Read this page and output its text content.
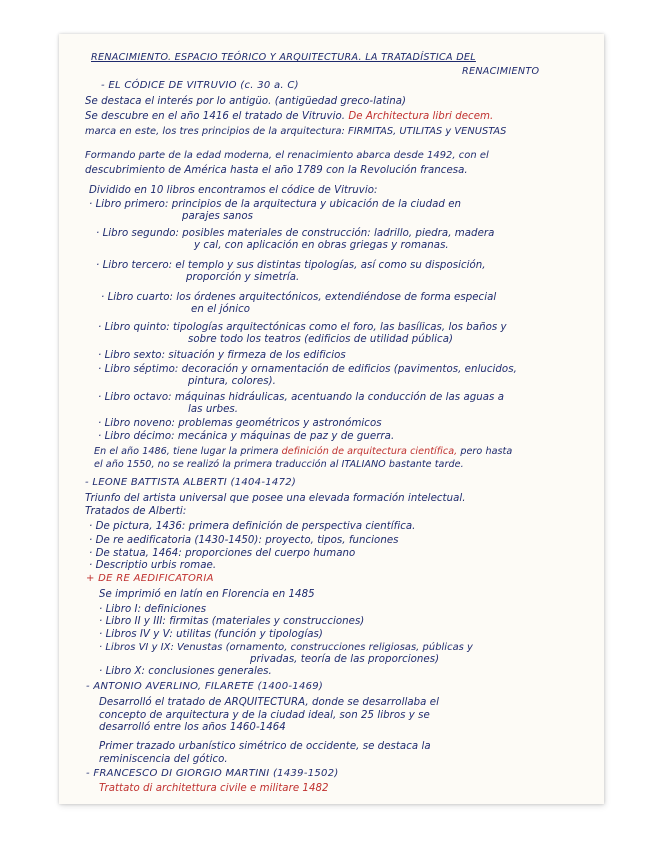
RENACIMIENTO. ESPACIO TEÓRICO Y ARQUITECTURA. LA TRATADÍSTICA DEL
RENACIMIENTO
- EL CÓDICE DE VITRUVIO (c. 30 a. C)
Se destaca el interés por lo antigüo. (antigüedad greco-latina)
Se descubre en el año 1416 el tratado de Vitruvio. De Architectura libri decem.
marca en este, los tres principios de la arquitectura: FIRMITAS, UTILITAS y VENUSTAS
Formando parte de la edad moderna, el renacimiento abarca desde 1492, con el
descubrimiento de América hasta el año 1789 con la Revolución francesa.
Dividido en 10 libros encontramos el códice de Vitruvio:
· Libro primero: principios de la arquitectura y ubicación de la ciudad en
parajes sanos
· Libro segundo: posibles materiales de construcción: ladrillo, piedra, madera
y cal, con aplicación en obras griegas y romanas.
· Libro tercero: el templo y sus distintas tipologías, así como su disposición,
proporción y simetría.
· Libro cuarto: los órdenes arquitectónicos, extendiéndose de forma especial
en el jónico
· Libro quinto: tipologías arquitectónicas como el foro, las basílicas, los baños y
sobre todo los teatros (edificios de utilidad pública)
· Libro sexto: situación y firmeza de los edificios
· Libro séptimo: decoración y ornamentación de edificios (pavimentos, enlucidos,
pintura, colores).
· Libro octavo: máquinas hidráulicas, acentuando la conducción de las aguas a
las urbes.
· Libro noveno: problemas geométricos y astronómicos
· Libro décimo: mecánica y máquinas de paz y de guerra.
En el año 1486, tiene lugar la primera definición de arquitectura científica, pero hasta
el año 1550, no se realizó la primera traducción al ITALIANO bastante tarde.
- LEONE BATTISTA ALBERTI (1404-1472)
Triunfo del artista universal que posee una elevada formación intelectual.
Tratados de Alberti:
· De pictura, 1436: primera definición de perspectiva científica.
· De re aedificatoria (1430-1450): proyecto, tipos, funciones
· De statua, 1464: proporciones del cuerpo humano
· Descriptio urbis romae.
+ DE RE AEDIFICATORIA
Se imprimió en latín en Florencia en 1485
· Libro I: definiciones
· Libro II y III: firmitas (materiales y construcciones)
· Libros IV y V: utilitas (función y tipologías)
· Libros VI y IX: Venustas (ornamento, construcciones religiosas, públicas y
privadas, teoría de las proporciones)
· Libro X: conclusiones generales.
- ANTONIO AVERLINO, FILARETE (1400-1469)
Desarrolló el tratado de ARQUITECTURA, donde se desarrollaba el
concepto de arquitectura y de la ciudad ideal, son 25 libros y se
desarrolló entre los años 1460-1464
Primer trazado urbanístico simétrico de occidente, se destaca la
reminiscencia del gótico.
- FRANCESCO DI GIORGIO MARTINI (1439-1502)
Trattato di architettura civile e militare 1482
